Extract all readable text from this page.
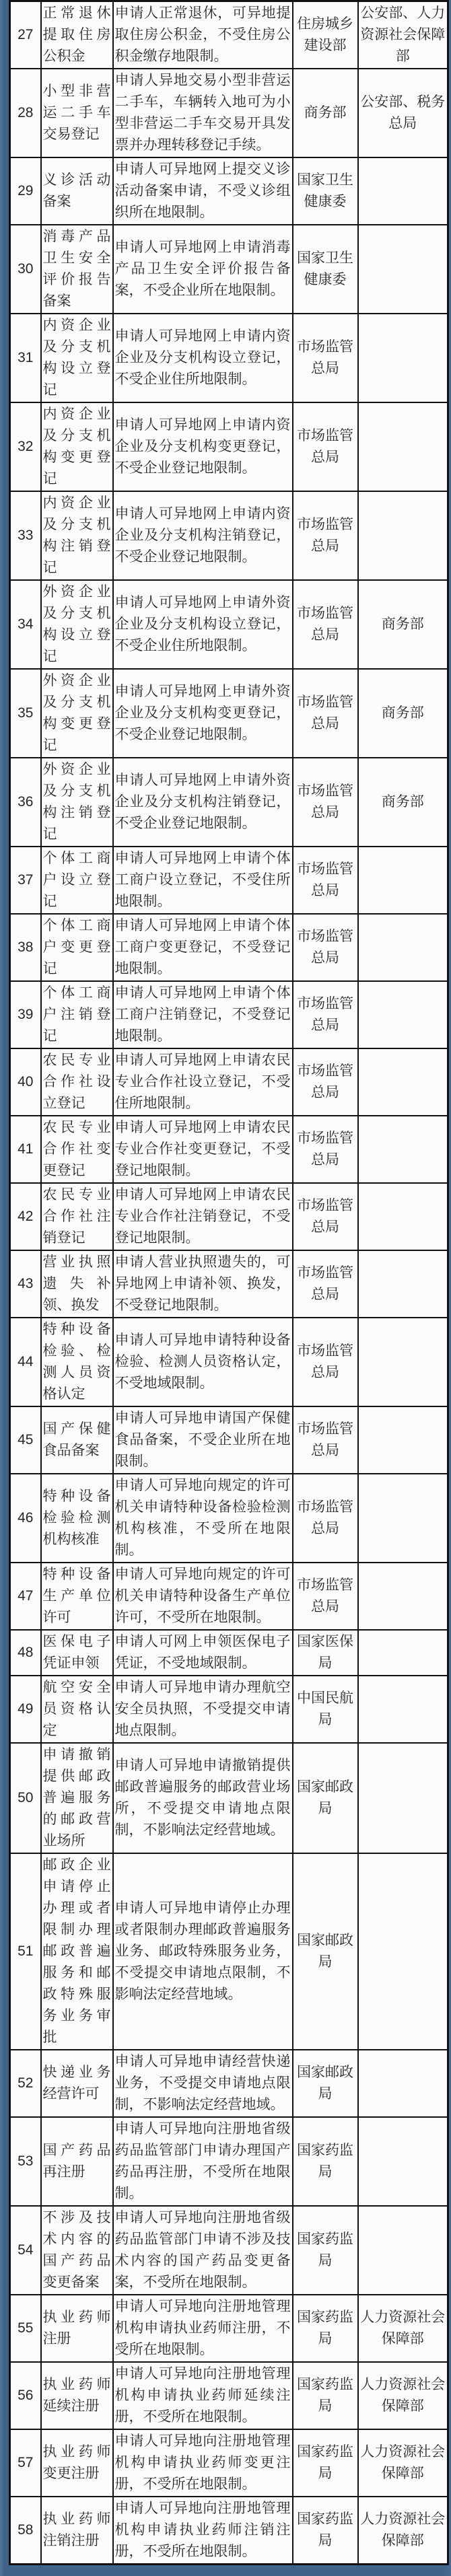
27	正常退休提取住房公积金	申请人正常退休，可异地提取住房公积金，不受住房公积金缴存地限制。	住房城乡建设部	公安部、人力资源社会保障部
28	小型非营运二手车交易登记	申请人异地交易小型非营运二手车，车辆转入地可为小型非营运二手车交易开具发票并办理转移登记手续。	商务部	公安部、税务总局
29	义诊活动备案	申请人可异地网上提交义诊活动备案申请，不受义诊组织所在地限制。	国家卫生健康委	
30	消毒产品卫生安全评价报告备案	申请人可异地网上申请消毒产品卫生安全评价报告备案，不受企业所在地限制。	国家卫生健康委	
31	内资企业及分支机构设立登记	申请人可异地网上申请内资企业及分支机构设立登记，不受企业住所地限制。	市场监管总局	
32	内资企业及分支机构变更登记	申请人可异地网上申请内资企业及分支机构变更登记，不受企业登记地限制。	市场监管总局	
33	内资企业及分支机构注销登记	申请人可异地网上申请内资企业及分支机构注销登记，不受企业登记地限制。	市场监管总局	
34	外资企业及分支机构设立登记	申请人可异地网上申请外资企业及分支机构设立登记，不受企业住所地限制。	市场监管总局	商务部
35	外资企业及分支机构变更登记	申请人可异地网上申请外资企业及分支机构变更登记，不受企业登记地限制。	市场监管总局	商务部
36	外资企业及分支机构注销登记	申请人可异地网上申请外资企业及分支机构注销登记，不受企业登记地限制。	市场监管总局	商务部
37	个体工商户设立登记	申请人可异地网上申请个体工商户设立登记，不受住所地限制。	市场监管总局	
38	个体工商户变更登记	申请人可异地网上申请个体工商户变更登记，不受登记地限制。	市场监管总局	
39	个体工商户注销登记	申请人可异地网上申请个体工商户注销登记，不受登记地限制。	市场监管总局	
40	农民专业合作社设立登记	申请人可异地网上申请农民专业合作社设立登记，不受住所地限制。	市场监管总局	
41	农民专业合作社变更登记	申请人可异地网上申请农民专业合作社变更登记，不受登记地限制。	市场监管总局	
42	农民专业合作社注销登记	申请人可异地网上申请农民专业合作社注销登记，不受登记地限制。	市场监管总局	
43	营业执照遗失补领、换发	申请人营业执照遗失的，可异地网上申请补领、换发，不受登记地限制。	市场监管总局	
44	特种设备检验、检测人员资格认定	申请人可异地申请特种设备检验、检测人员资格认定，不受地域限制。	市场监管总局	
45	国产保健食品备案	申请人可异地申请国产保健食品备案，不受企业所在地限制。	市场监管总局	
46	特种设备检验检测机构核准	申请人可异地向规定的许可机关申请特种设备检验检测机构核准，不受所在地限制。	市场监管总局	
47	特种设备生产单位许可	申请人可异地向规定的许可机关申请特种设备生产单位许可，不受所在地限制。	市场监管总局	
48	医保电子凭证申领	申请人可网上申领医保电子凭证，不受地域限制。	国家医保局	
49	航空安全员资格认定	申请人可异地申请办理航空安全员执照，不受提交申请地点限制。	中国民航局	
50	申请撤销提供邮政普遍服务的邮政营业场所	申请人可异地申请撤销提供邮政普遍服务的邮政营业场所，不受提交申请地点限制，不影响法定经营地域。	国家邮政局	
51	邮政企业申请停止办理或者限制办理邮政普遍服务和邮政特殊服务业务审批	申请人可异地申请停止办理或者限制办理邮政普遍服务业务、邮政特殊服务业务，不受提交申请地点限制，不影响法定经营地域。	国家邮政局	
52	快递业务经营许可	申请人可异地申请经营快递业务，不受提交申请地点限制，不影响法定经营地域。	国家邮政局	
53	国产药品再注册	申请人可异地向注册地省级药品监管部门申请办理国产药品再注册，不受所在地限制。	国家药监局	
54	不涉及技术内容的国产药品变更备案	申请人可异地向注册地省级药品监管部门申请不涉及技术内容的国产药品变更备案，不受所在地限制。	国家药监局	
55	执业药师注册	申请人可异地向注册地管理机构申请执业药师注册，不受所在地限制。	国家药监局	人力资源社会保障部
56	执业药师延续注册	申请人可异地向注册地管理机构申请执业药师延续注册，不受所在地限制。	国家药监局	人力资源社会保障部
57	执业药师变更注册	申请人可异地向注册地管理机构申请执业药师变更注册，不受所在地限制。	国家药监局	人力资源社会保障部
58	执业药师注销注册	申请人可异地向注册地管理机构申请执业药师注销注册，不受所在地限制。	国家药监局	人力资源社会保障部
